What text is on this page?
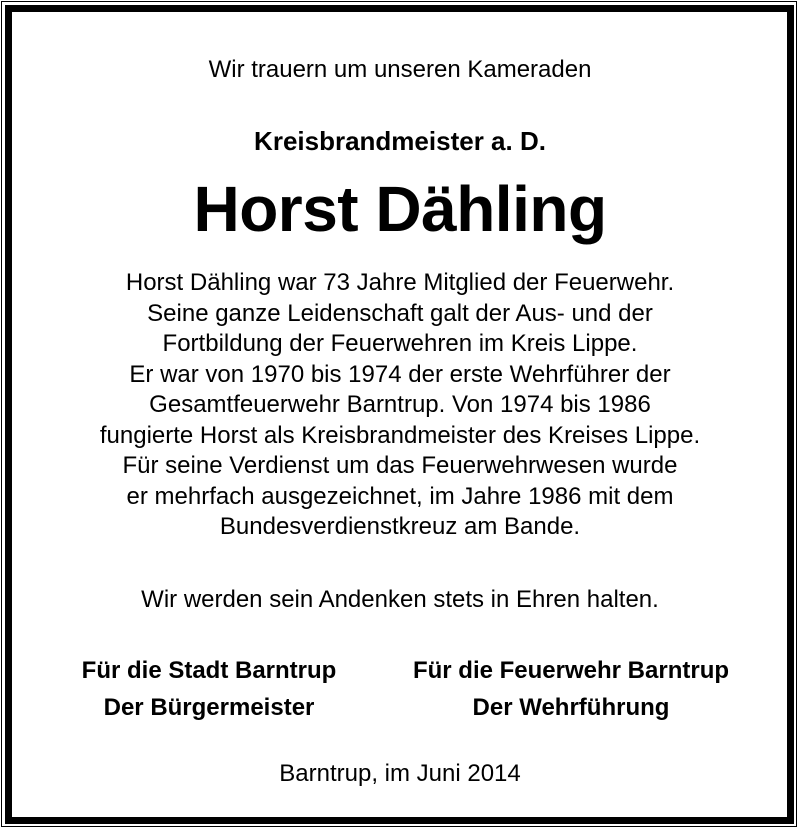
Wir trauern um unseren Kameraden
Kreisbrandmeister a. D.
Horst Dähling
Horst Dähling war 73 Jahre Mitglied der Feuerwehr.
Seine ganze Leidenschaft galt der Aus- und der
Fortbildung der Feuerwehren im Kreis Lippe.
Er war von 1970 bis 1974 der erste Wehrführer der
Gesamtfeuerwehr Barntrup. Von 1974 bis 1986
fungierte Horst als Kreisbrandmeister des Kreises Lippe.
Für seine Verdienst um das Feuerwehrwesen wurde
er mehrfach ausgezeichnet, im Jahre 1986 mit dem
Bundesverdienstkreuz am Bande.
Wir werden sein Andenken stets in Ehren halten.
Für die Stadt Barntrup
Der Bürgermeister
Für die Feuerwehr Barntrup
Der Wehrführung
Barntrup, im Juni 2014
